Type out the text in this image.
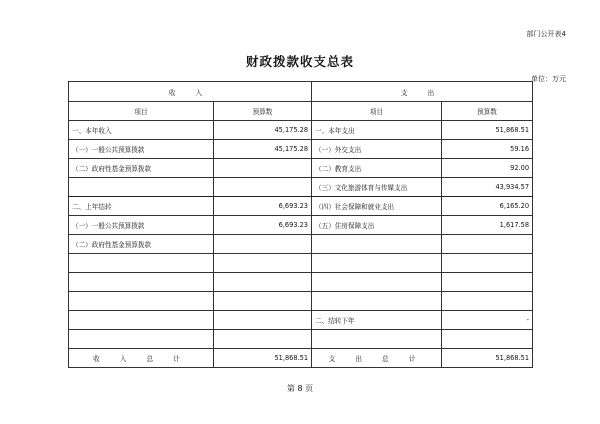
部门公开表4
财政拨款收支总表
单位：万元
收 入		支 出	
项目	预算数	项目	预算数
一、本年收入	45,175.28	一、本年支出	51,868.51
（一）一般公共预算拨款	45,175.28	（一）外交支出	59.16
（二）政府性基金预算拨款		（二）教育支出	92.00
		（三）文化旅游体育与传媒支出	43,934.57
二、上年结转	6,693.23	（四）社会保障和就业支出	6,165.20
（一）一般公共预算拨款	6,693.23	（五）住房保障支出	1,617.58
（二）政府性基金预算拨款			

		二、结转下年	-

收 入 总 计	51,868.51	支 出 总 计	51,868.51
第 8 页
